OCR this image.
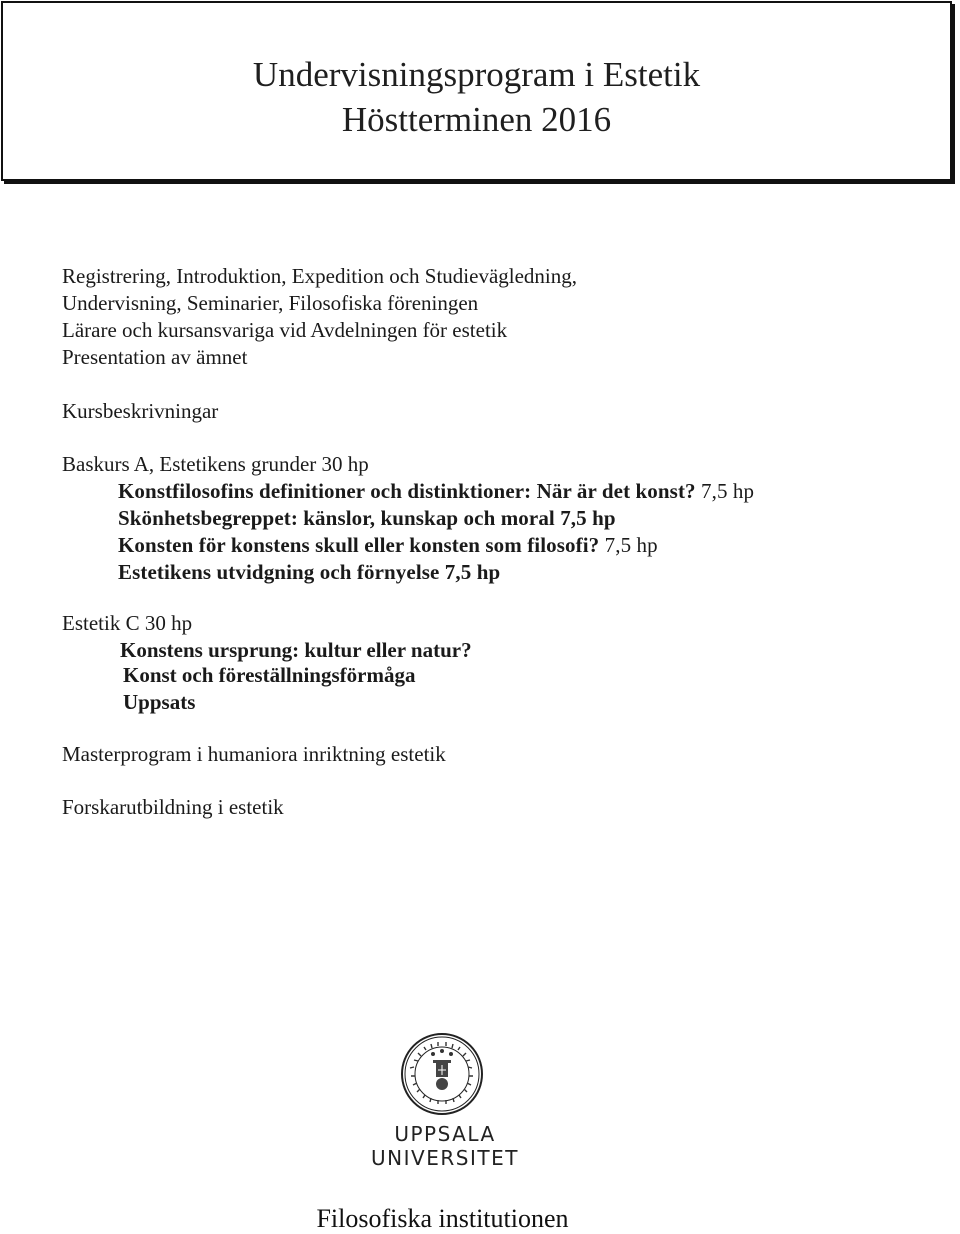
Undervisningsprogram i Estetik
Höstterminen 2016
Registrering, Introduktion, Expedition och Studievägledning,
Undervisning, Seminarier, Filosofiska föreningen
Lärare och kursansvariga vid Avdelningen för estetik
Presentation av ämnet
Kursbeskrivningar
Baskurs A, Estetikens grunder 30 hp
Konstfilosofins definitioner och distinktioner: När är det konst? 7,5 hp
Skönhetsbegreppet: känslor, kunskap och moral 7,5 hp
Konsten för konstens skull eller konsten som filosofi? 7,5 hp
Estetikens utvidgning och förnyelse 7,5 hp
Estetik C 30 hp
Konstens ursprung: kultur eller natur?
Konst och föreställningsförmåga
Uppsats
Masterprogram i humaniora inriktning estetik
Forskarutbildning i estetik
UPPSALA
UNIVERSITET
Filosofiska institutionen
